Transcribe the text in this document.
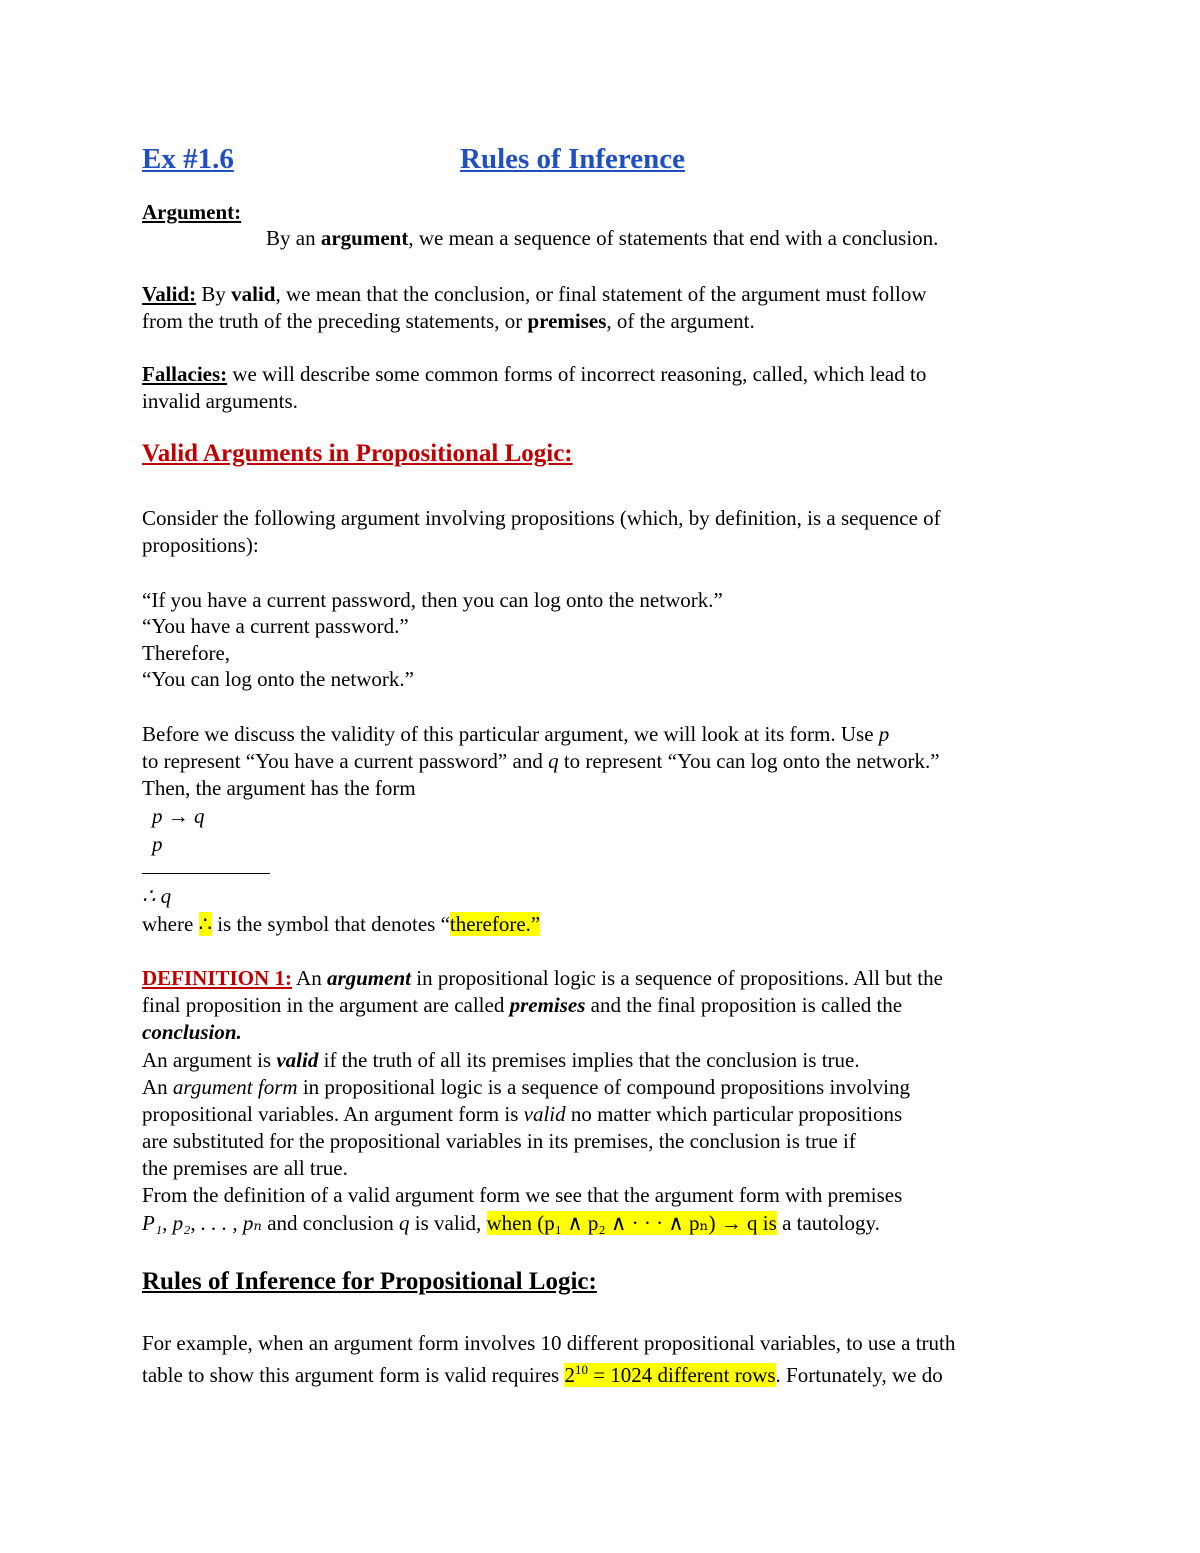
Ex #1.6	Rules of Inference
Argument:
By an argument, we mean a sequence of statements that end with a conclusion.
Valid: By valid, we mean that the conclusion, or final statement of the argument must follow
from the truth of the preceding statements, or premises, of the argument.
Fallacies: we will describe some common forms of incorrect reasoning, called, which lead to
invalid arguments.
Valid Arguments in Propositional Logic:
Consider the following argument involving propositions (which, by definition, is a sequence of
propositions):
“If you have a current password, then you can log onto the network.”
“You have a current password.”
Therefore,
“You can log onto the network.”
Before we discuss the validity of this particular argument, we will look at its form. Use p
to represent “You have a current password” and q to represent “You can log onto the network.”
Then, the argument has the form
p → q
p
∴ q
where ∴ is the symbol that denotes “therefore.”
DEFINITION 1: An argument in propositional logic is a sequence of propositions. All but the
final proposition in the argument are called premises and the final proposition is called the
conclusion.
An argument is valid if the truth of all its premises implies that the conclusion is true.
An argument form in propositional logic is a sequence of compound propositions involving
propositional variables. An argument form is valid no matter which particular propositions
are substituted for the propositional variables in its premises, the conclusion is true if
the premises are all true.
From the definition of a valid argument form we see that the argument form with premises
P₁, p₂, . . . , pₙ and conclusion q is valid, when (p₁ ∧ p₂ ∧ · · · ∧ pₙ) → q is a tautology.
Rules of Inference for Propositional Logic:
For example, when an argument form involves 10 different propositional variables, to use a truth
table to show this argument form is valid requires $2^{10} = 1024$ different rows. Fortunately, we do
